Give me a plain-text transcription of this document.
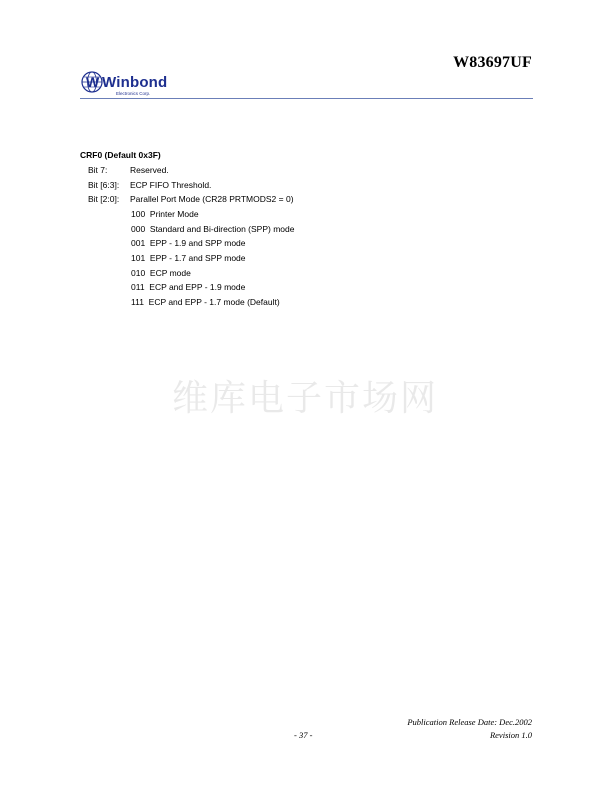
W83697UF
W Winbond
Electronics Corp.
CRF0 (Default 0x3F)
Bit 7:	Reserved.
Bit [6:3]: ECP FIFO Threshold.
Bit [2:0]: Parallel Port Mode (CR28 PRTMODS2 = 0)
100  Printer Mode
000  Standard and Bi-direction (SPP) mode
001  EPP - 1.9 and SPP mode
101  EPP - 1.7 and SPP mode
010  ECP mode
011  ECP and EPP - 1.9 mode
111  ECP and EPP - 1.7 mode (Default)
维库电子市场网
Publication Release Date: Dec.2002
- 37 -	Revision 1.0
